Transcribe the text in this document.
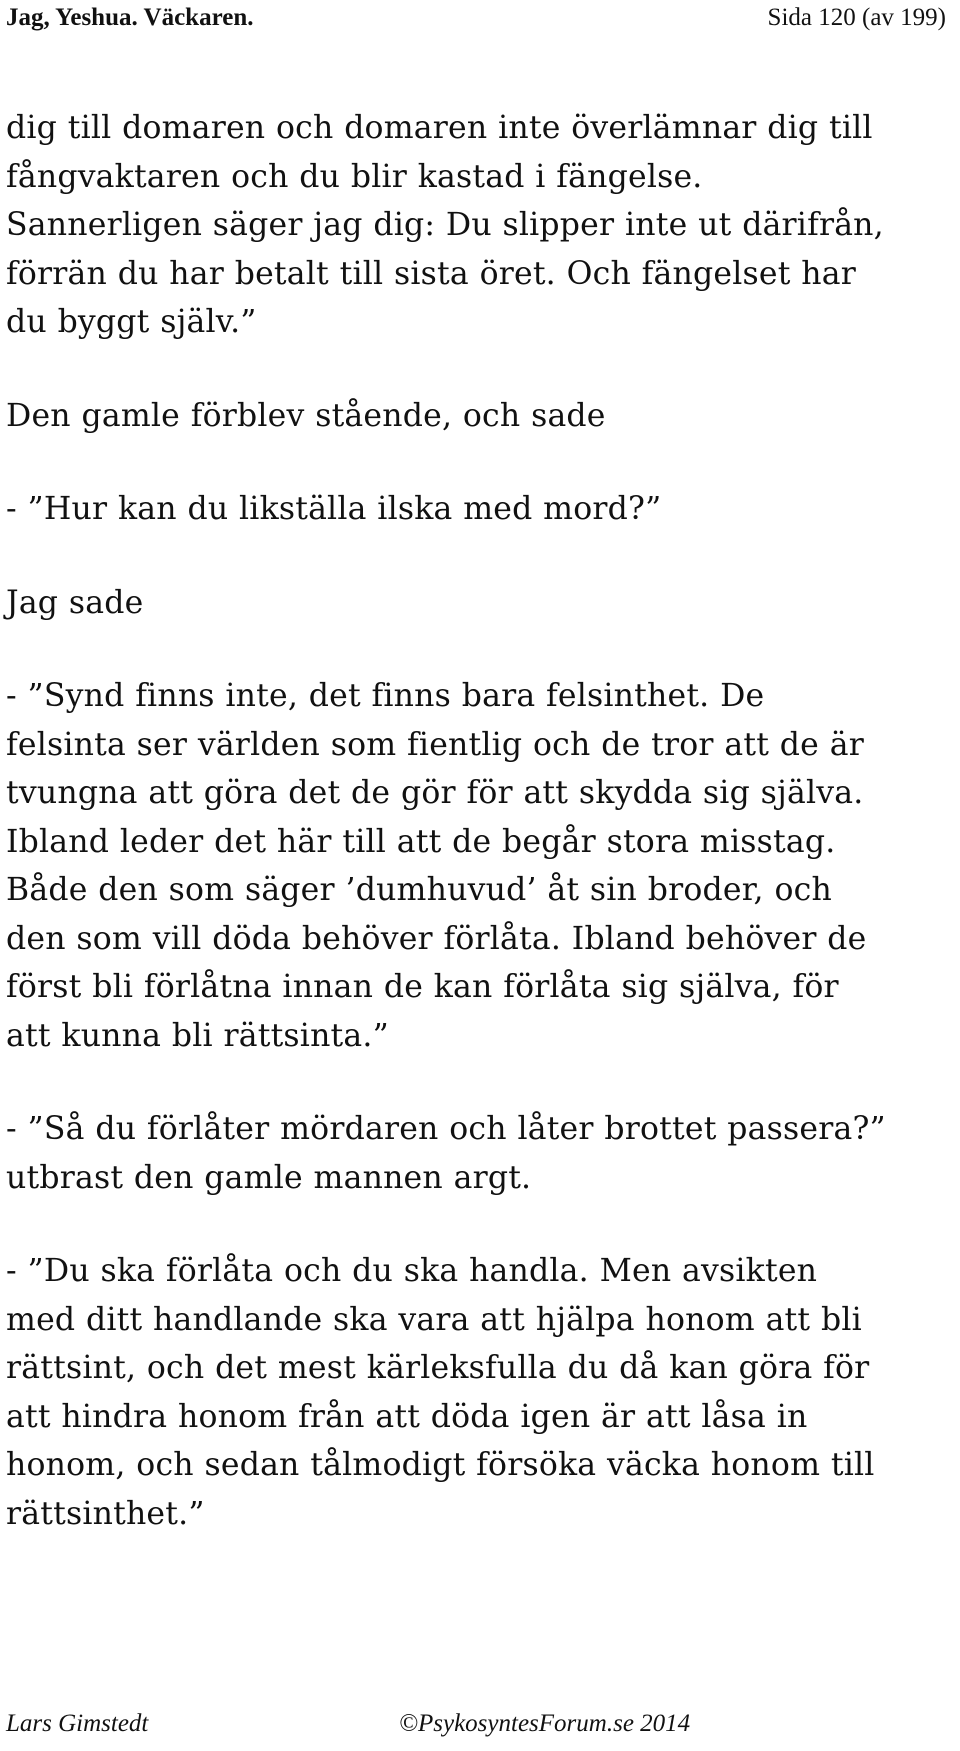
Jag, Yeshua. Väckaren.	Sida 120 (av 199)

dig till domaren och domaren inte överlämnar dig till
fångvaktaren och du blir kastad i fängelse.
Sannerligen säger jag dig: Du slipper inte ut därifrån,
förrän du har betalt till sista öret. Och fängelset har
du byggt själv.”

Den gamle förblev stående, och sade

- ”Hur kan du likställa ilska med mord?”

Jag sade

- ”Synd finns inte, det finns bara felsinthet. De
felsinta ser världen som fientlig och de tror att de är
tvungna att göra det de gör för att skydda sig själva.
Ibland leder det här till att de begår stora misstag.
Både den som säger ’dumhuvud’ åt sin broder, och
den som vill döda behöver förlåta. Ibland behöver de
först bli förlåtna innan de kan förlåta sig själva, för
att kunna bli rättsinta.”

- ”Så du förlåter mördaren och låter brottet passera?”
utbrast den gamle mannen argt.

- ”Du ska förlåta och du ska handla. Men avsikten
med ditt handlande ska vara att hjälpa honom att bli
rättsint, och det mest kärleksfulla du då kan göra för
att hindra honom från att döda igen är att låsa in
honom, och sedan tålmodigt försöka väcka honom till
rättsinthet.”

Lars Gimstedt	©PsykosyntesForum.se 2014
